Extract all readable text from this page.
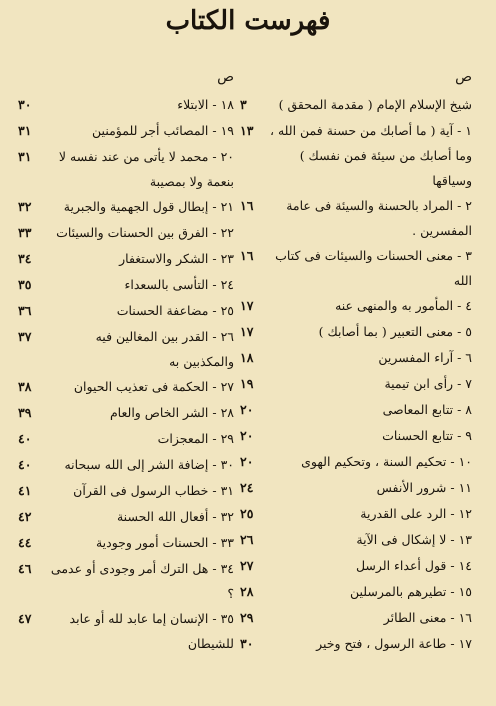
فهرست الكتاب
ص
شيخ الإسلام الإمام ( مقدمة المحقق )
٣
١ - آية ( ما أصابك من حسنة فمن الله ، وما أصابك من سيئة فمن نفسك ) وسياقها
١٣
٢ - المراد بالحسنة والسيئة فى عامة المفسرين .
١٦
٣ - معنى الحسنات والسيئات فى كتاب الله
١٦
٤ - المأمور به والمنهى عنه
١٧
٥ - معنى التعبير ( بما أصابك )
١٧
٦ - آراء المفسرين
١٨
٧ - رأى ابن تيمية
١٩
٨ - تتابع المعاصى
٢٠
٩ - تتابع الحسنات
٢٠
١٠ - تحكيم السنة ، وتحكيم الهوى
٢٠
١١ - شرور الأنفس
٢٤
١٢ - الرد على القدرية
٢٥
١٣ - لا إشكال فى الآية
٢٦
١٤ - قول أعداء الرسل
٢٧
١٥ - تطيرهم بالمرسلين
٢٨
١٦ - معنى الطائر
٢٩
١٧ - طاعة الرسول ، فتح وخير
٣٠
ص
١٨ - الابتلاء
٣٠
١٩ - المصائب أجر للمؤمنين
٣١
٢٠ - محمد لا يأتى من عند نفسه لا بنعمة ولا بمصيبة
٣١
٢١ - إبطال قول الجهمية والجبرية
٣٢
٢٢ - الفرق بين الحسنات والسيئات
٣٣
٢٣ - الشكر والاستغفار
٣٤
٢٤ - التأسى بالسعداء
٣٥
٢٥ - مضاعفة الحسنات
٣٦
٢٦ - القدر بين المغالين فيه والمكذبين به
٣٧
٢٧ - الحكمة فى تعذيب الحيوان
٣٨
٢٨ - الشر الخاص والعام
٣٩
٢٩ - المعجزات
٤٠
٣٠ - إضافة الشر إلى الله سبحانه
٤٠
٣١ - خطاب الرسول فى القرآن
٤١
٣٢ - أفعال الله الحسنة
٤٢
٣٣ - الحسنات أمور وجودية
٤٤
٣٤ - هل الترك أمر وجودى أو عدمى ؟
٤٦
٣٥ - الإنسان إما عابد لله أو عابد للشيطان
٤٧
